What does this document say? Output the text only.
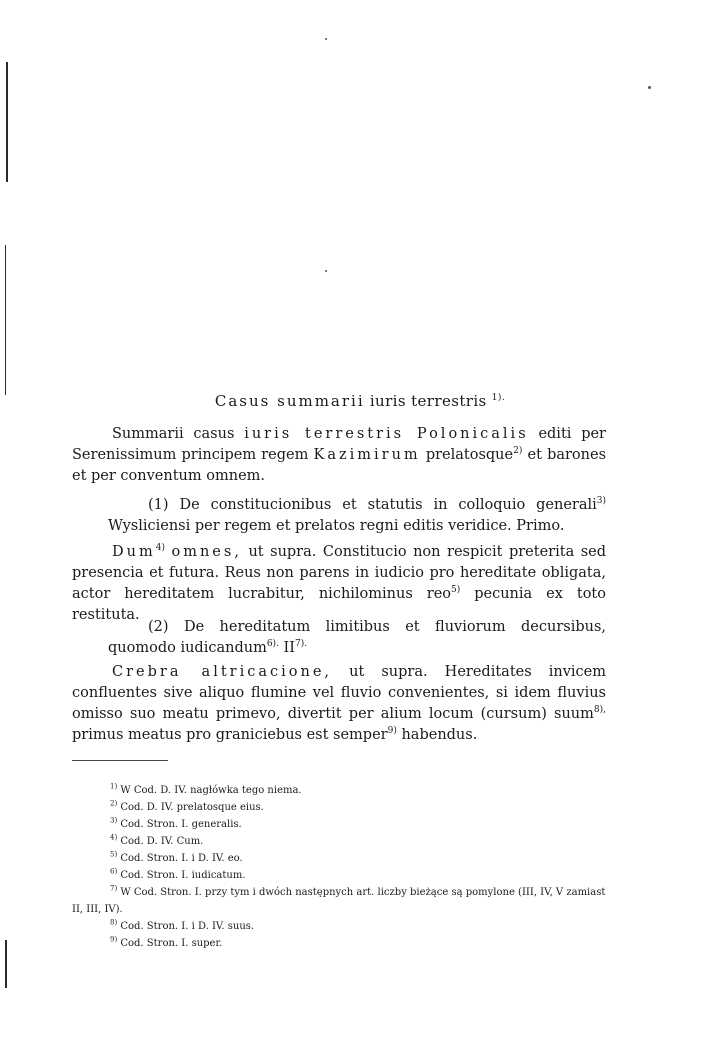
Casus summarii iuris terrestris $^{1).}$

Summarii casus iuris terrestris Polonicalis editi per Serenissimum principem regem Kazimirum prelatosque$^{2)}$ et barones et per conventum omnem.

(1) De constitucionibus et statutis in colloquio generali$^{3)}$ Wysliciensi per regem et prelatos regni editis veridice. Primo.

Dum$^{4)}$ omnes, ut supra. Constitucio non respicit preterita sed presencia et futura. Reus non parens in iudicio pro hereditate obligata, actor hereditatem lucrabitur, nichilominus reo$^{5)}$ pecunia ex toto restituta.

(2) De hereditatum limitibus et fluviorum decursibus, quomodo iudicandum$^{6).}$ $II^{7).}$

Crebra altricacione, ut supra. Hereditates invicem confluentes sive aliquo flumine vel fluvio convenientes, si idem fluvius omisso suo meatu primevo, divertit per alium locum (cursum) suum$^{8),}$ primus meatus pro graniciebus est semper$^{9)}$ habendus.

$^{1)}$ W Cod. D. IV. nagłówka tego niema.
$^{2)}$ Cod. D. IV. prelatosque eius.
$^{3)}$ Cod. Stron. I. generalis.
$^{4)}$ Cod. D. IV. Cum.
$^{5)}$ Cod. Stron. I. i D. IV. eo.
$^{6)}$ Cod. Stron. I. iudicatum.
$^{7)}$ W Cod. Stron. I. przy tym i dwóch następnych art. liczby bieżące są pomylone (III, IV, V zamiast II, III, IV).
$^{8)}$ Cod. Stron. I. i D. IV. suus.
$^{9)}$ Cod. Stron. I. super.
